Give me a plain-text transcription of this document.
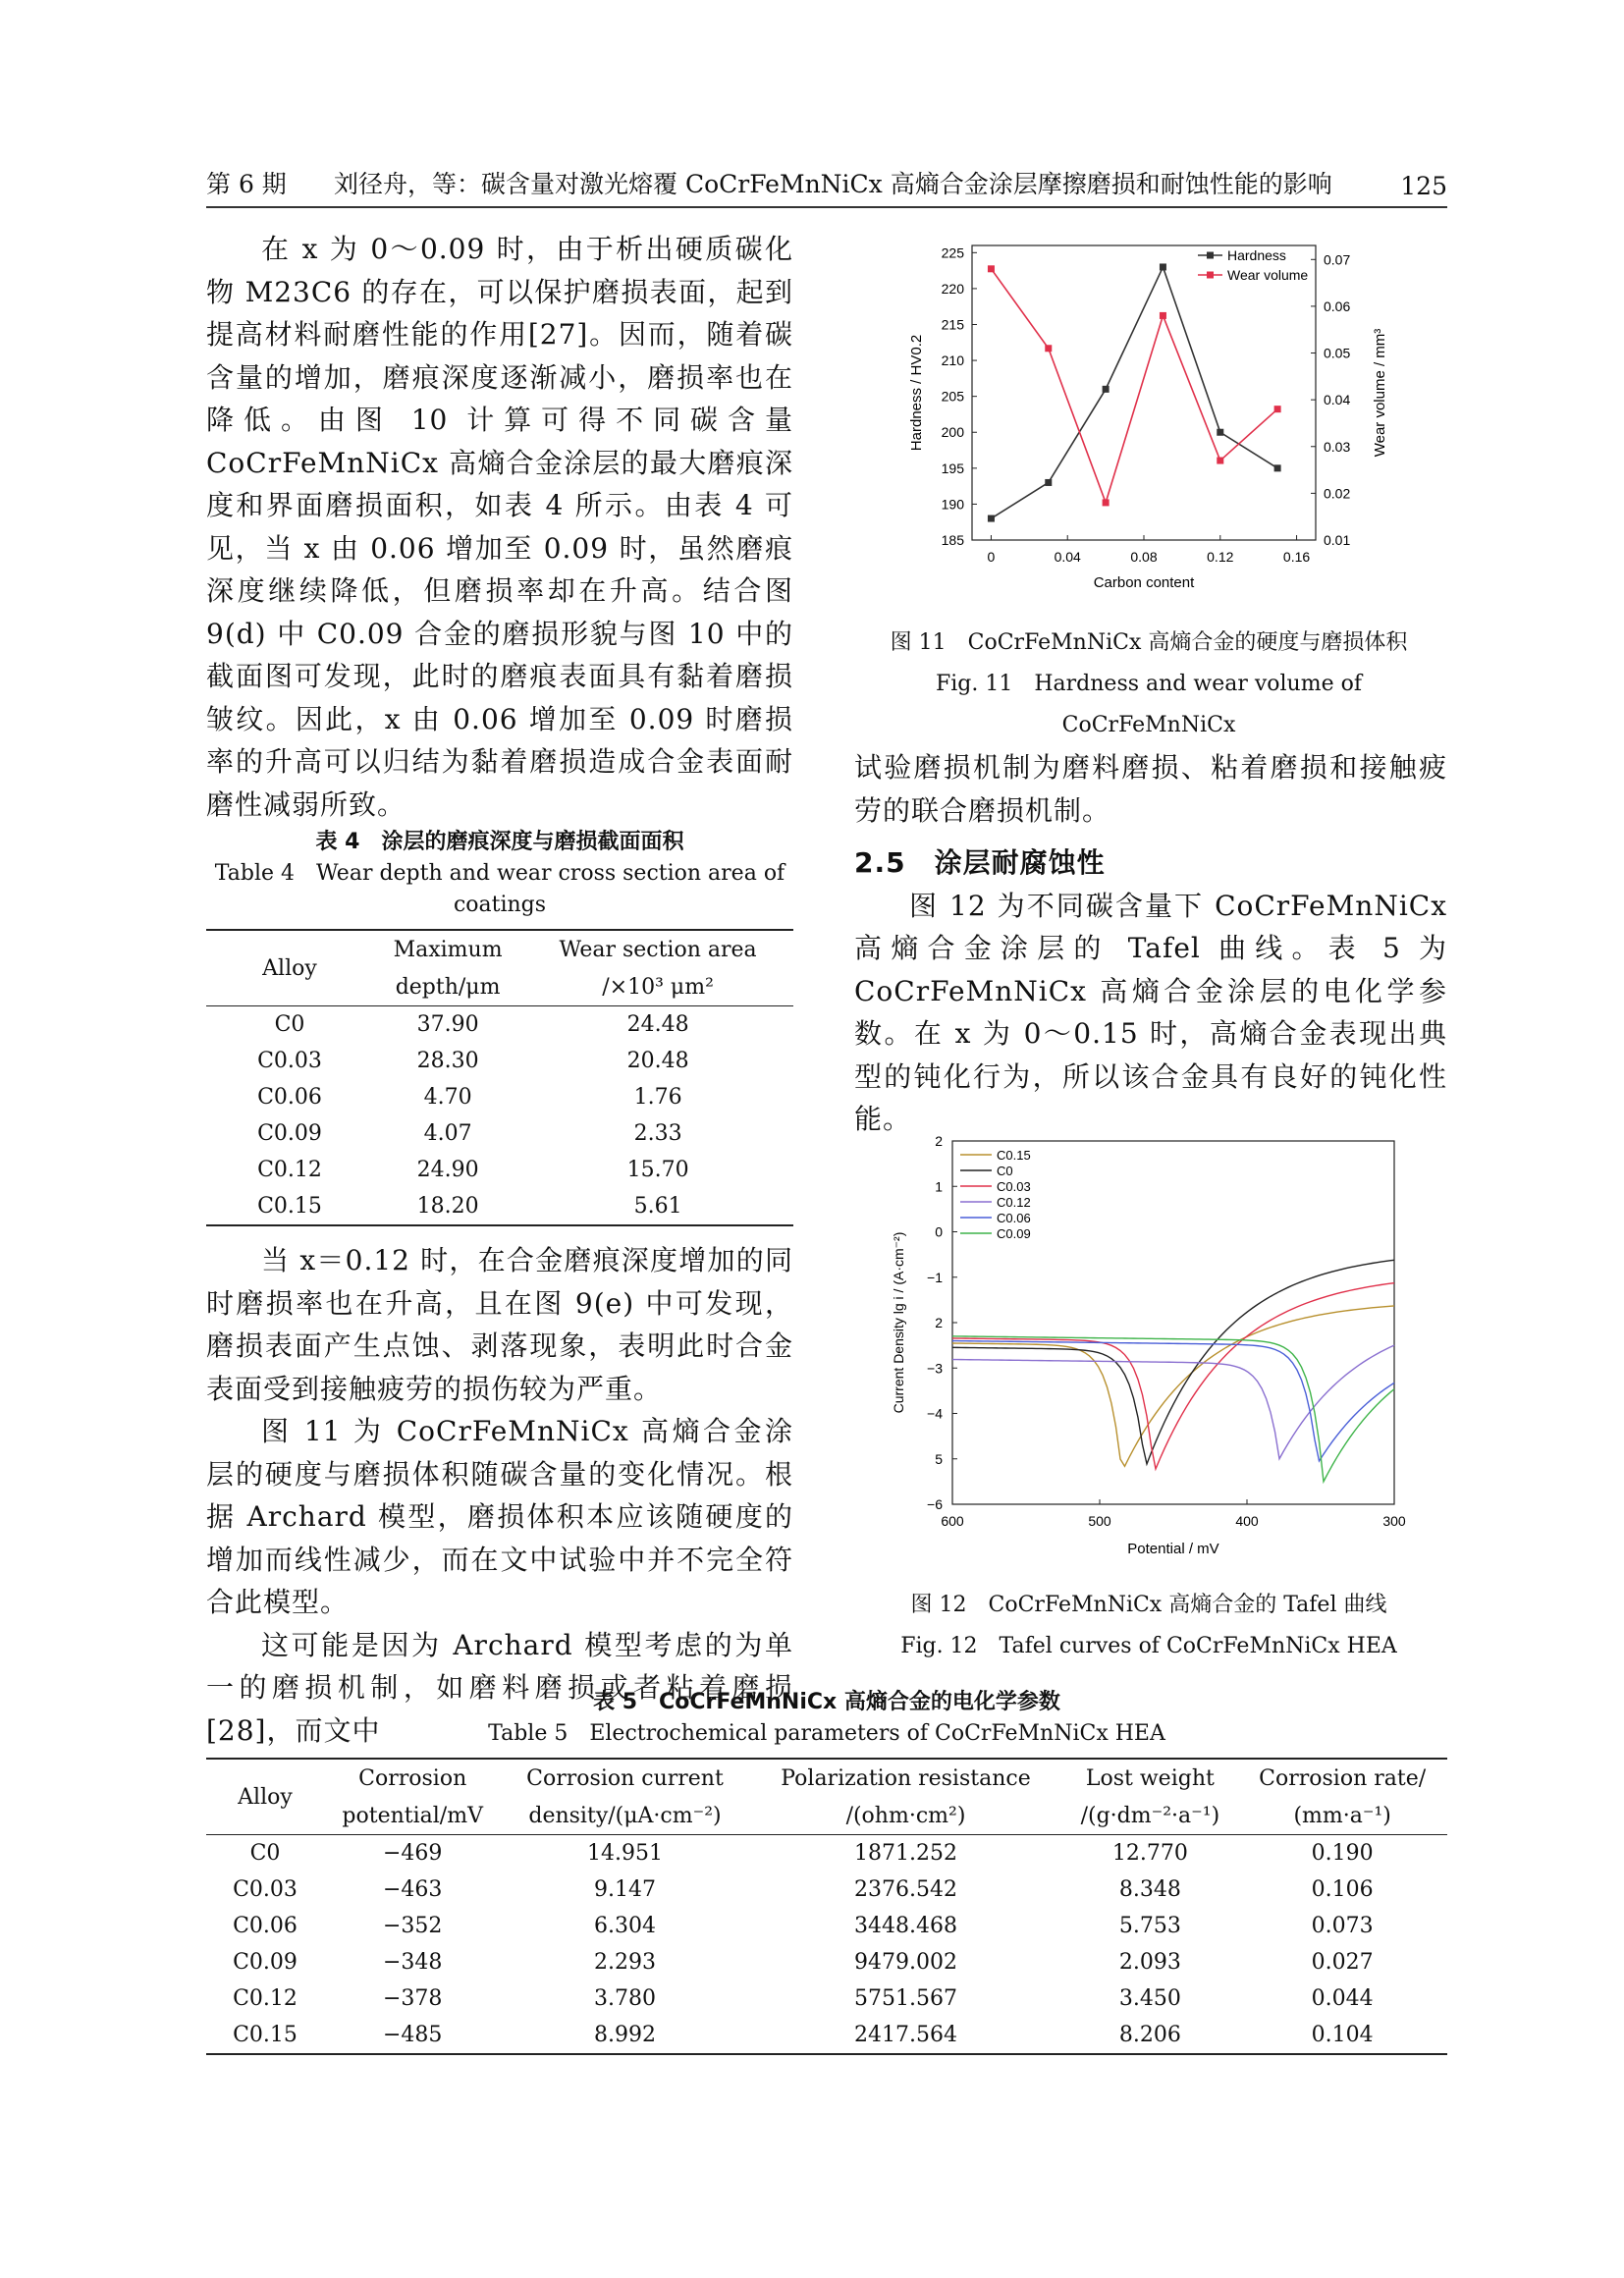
第 6 期	刘径舟，等：碳含量对激光熔覆 CoCrFeMnNiCx 高熵合金涂层摩擦磨损和耐蚀性能的影响	125

在 x 为 0～0.09 时，由于析出硬质碳化物 M23C6 的存在，可以保护磨损表面，起到提高材料耐磨性能的作用[27]。因而，随着碳含量的增加，磨痕深度逐渐减小，磨损率也在降低。由图 10 计算可得不同碳含量 CoCrFeMnNiCx 高熵合金涂层的最大磨痕深度和界面磨损面积，如表 4 所示。由表 4 可见，当 x 由 0.06 增加至 0.09 时，虽然磨痕深度继续降低，但磨损率却在升高。结合图 9(d) 中 C0.09 合金的磨损形貌与图 10 中的截面图可发现，此时的磨痕表面具有黏着磨损皱纹。因此，x 由 0.06 增加至 0.09 时磨损率的升高可以归结为黏着磨损造成合金表面耐磨性减弱所致。

表 4　涂层的磨痕深度与磨损截面面积
Table 4　Wear depth and wear cross section area of coatings
Alloy	Maximum	Wear section area
	depth/μm	/×10³ μm²
C0	37.90	24.48
C0.03	28.30	20.48
C0.06	4.70	1.76
C0.09	4.07	2.33
C0.12	24.90	15.70
C0.15	18.20	5.61

当 x＝0.12 时，在合金磨痕深度增加的同时磨损率也在升高，且在图 9(e) 中可发现，磨损表面产生点蚀、剥落现象，表明此时合金表面受到接触疲劳的损伤较为严重。

图 11 为 CoCrFeMnNiCx 高熵合金涂层的硬度与磨损体积随碳含量的变化情况。根据 Archard 模型，磨损体积本应该随硬度的增加而线性减少，而在文中试验中并不完全符合此模型。

这可能是因为 Archard 模型考虑的为单一的磨损机制，如磨料磨损或者粘着磨损[28]，而文中

185
190
195
200
205
210
215
220
225
0.01
0.02
0.03
0.04
0.05
0.06
0.07
0	0.04	0.08	0.12	0.16
Carbon content
Hardness / HV0.2	Wear volume / mm³
Hardness
Wear volume
图 11　CoCrFeMnNiCx 高熵合金的硬度与磨损体积
Fig. 11　Hardness and wear volume of CoCrFeMnNiCx

试验磨损机制为磨料磨损、粘着磨损和接触疲劳的联合磨损机制。

2.5　涂层耐腐蚀性

图 12 为不同碳含量下 CoCrFeMnNiCx 高熵合金涂层的 Tafel 曲线。表 5 为 CoCrFeMnNiCx 高熵合金涂层的电化学参数。在 x 为 0～0.15 时，高熵合金表现出典型的钝化行为，所以该合金具有良好的钝化性能。

2
1
0
−1
2
−3
−4
5
−6
600	500	400	300
Potential / mV
Current Density lg i / (A·cm⁻²)
C0.15
C0
C0.03
C0.12
C0.06
C0.09
图 12　CoCrFeMnNiCx 高熵合金的 Tafel 曲线
Fig. 12　Tafel curves of CoCrFeMnNiCx HEA
表 5　CoCrFeMnNiCx 高熵合金的电化学参数
Table 5　Electrochemical parameters of CoCrFeMnNiCx HEA
Alloy	Corrosion	Corrosion current	Polarization resistance	Lost weight	Corrosion rate/
	potential/mV	density/(μA·cm⁻²)	/(ohm·cm²)	/(g·dm⁻²·a⁻¹)	(mm·a⁻¹)
C0	−469	14.951	1871.252	12.770	0.190
C0.03	−463	9.147	2376.542	8.348	0.106
C0.06	−352	6.304	3448.468	5.753	0.073
C0.09	−348	2.293	9479.002	2.093	0.027
C0.12	−378	3.780	5751.567	3.450	0.044
C0.15	−485	8.992	2417.564	8.206	0.104
